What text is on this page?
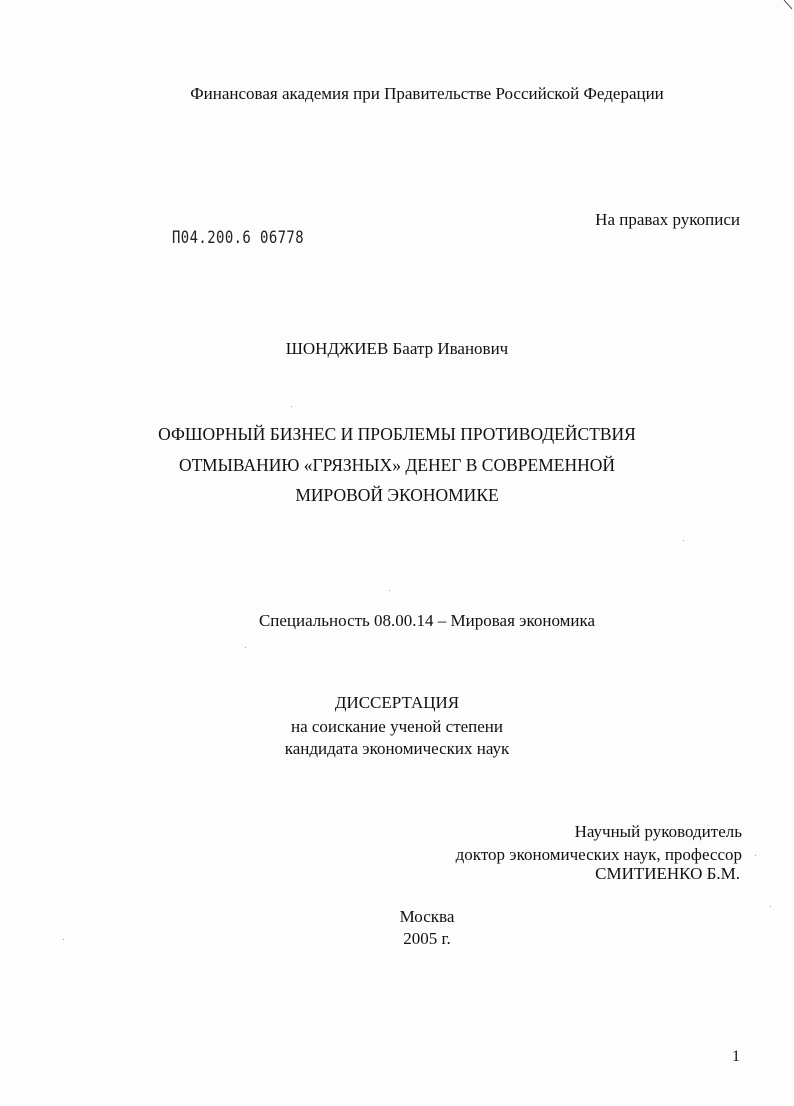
Финансовая академия при Правительстве Российской Федерации
На правах рукописи
П04.200.6 06778
ШОНДЖИЕВ Баатр Иванович
ОФШОРНЫЙ БИЗНЕС И ПРОБЛЕМЫ ПРОТИВОДЕЙСТВИЯ
ОТМЫВАНИЮ «ГРЯЗНЫХ» ДЕНЕГ В СОВРЕМЕННОЙ
МИРОВОЙ ЭКОНОМИКЕ
Специальность 08.00.14 – Мировая экономика
ДИССЕРТАЦИЯ
на соискание ученой степени
кандидата экономических наук
Научный руководитель
доктор экономических наук, профессор
СМИТИЕНКО Б.М.
Москва
2005 г.
1
